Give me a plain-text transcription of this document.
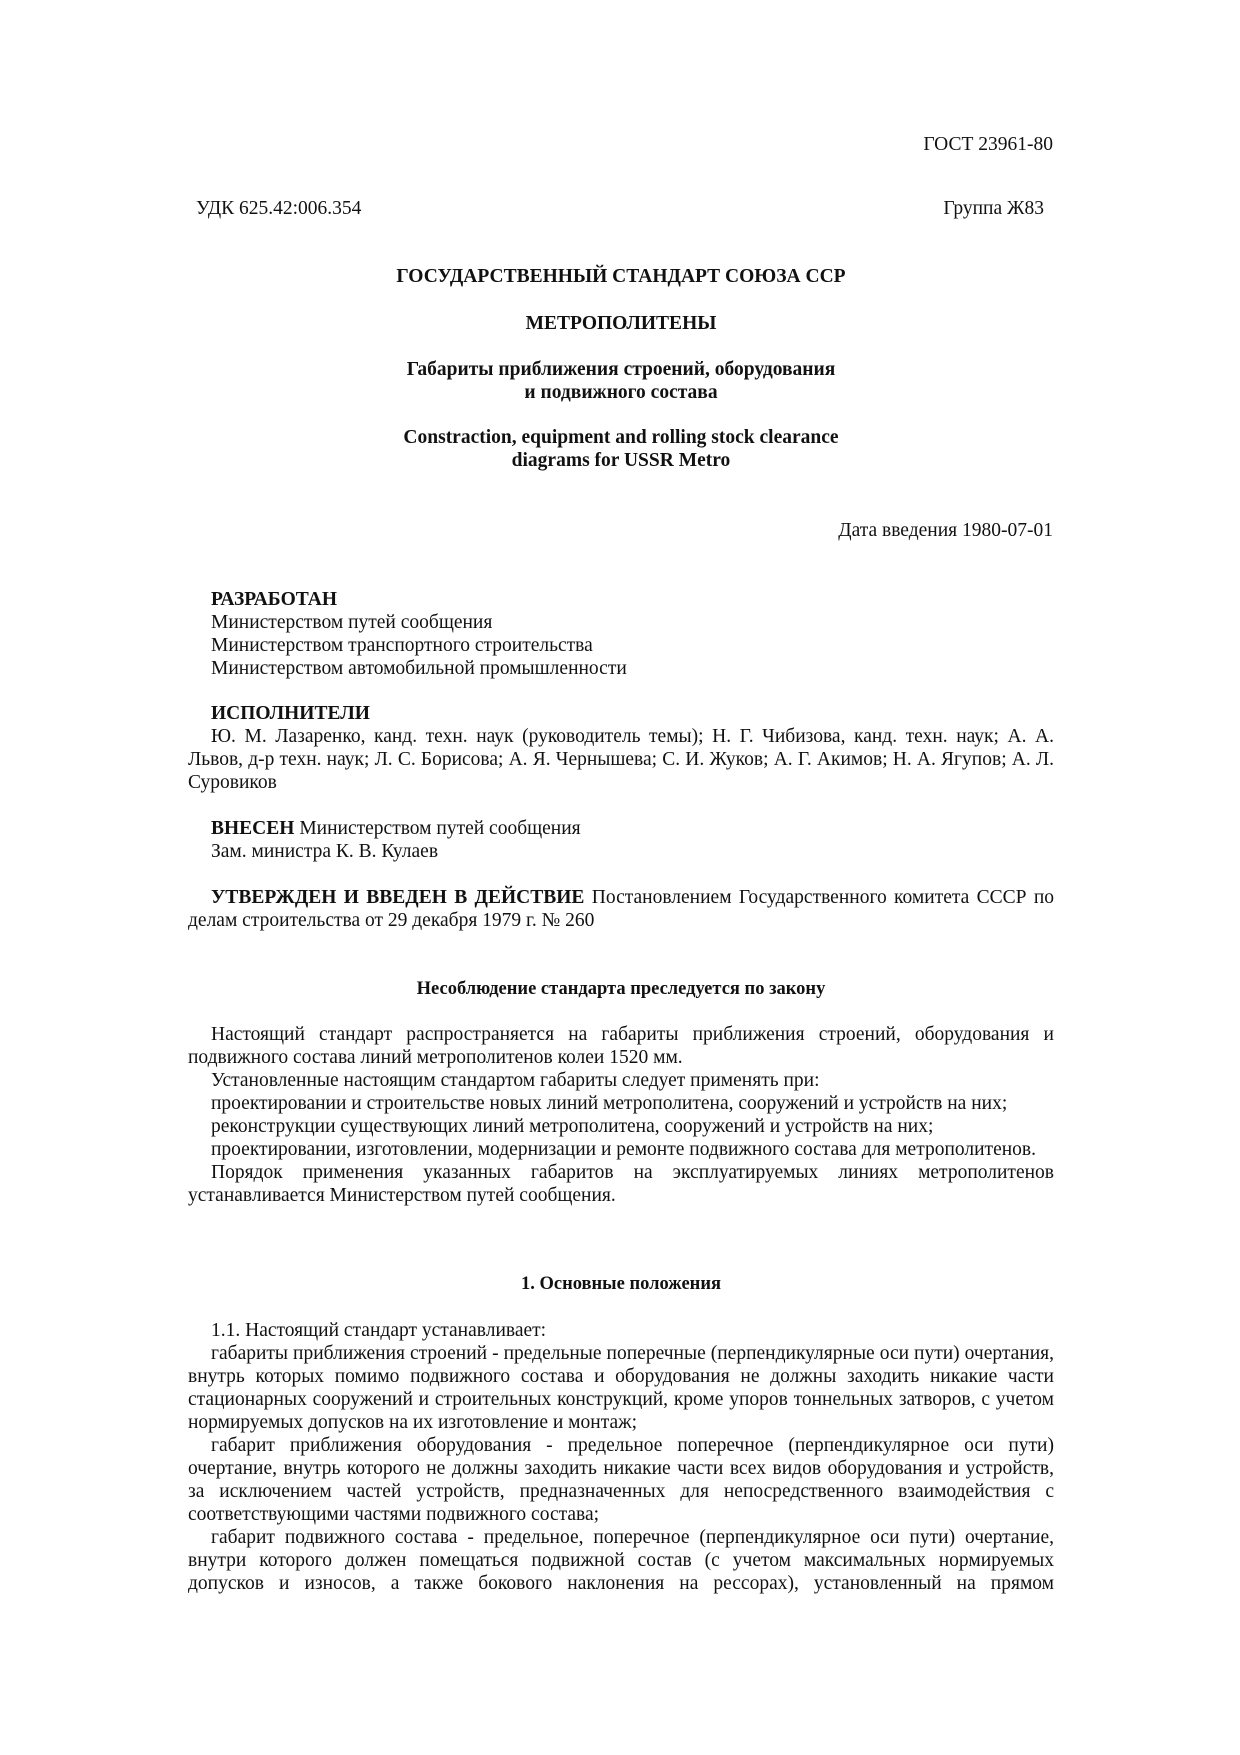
ГОСТ 23961-80
УДК 625.42:006.354	Группа Ж83
ГОСУДАРСТВЕННЫЙ СТАНДАРТ СОЮЗА ССР
МЕТРОПОЛИТЕНЫ
Габариты приближения строений, оборудования
и подвижного состава
Constraction, equipment and rolling stock clearance
diagrams for USSR Metro
Дата введения 1980-07-01
РАЗРАБОТАН
Министерством путей сообщения
Министерством транспортного строительства
Министерством автомобильной промышленности
ИСПОЛНИТЕЛИ

Ю. М. Лазаренко, канд. техн. наук (руководитель темы); Н. Г. Чибизова, канд. техн. наук; А. А. Львов, д-р техн. наук; Л. С. Борисова; А. Я. Чернышева; С. И. Жуков; А. Г. Акимов; Н. А. Ягупов; А. Л. Суровиков

ВНЕСЕН Министерством путей сообщения
Зам. министра К. В. Кулаев

УТВЕРЖДЕН И ВВЕДЕН В ДЕЙСТВИЕ Постановлением Государственного комитета СССР по делам строительства от 29 декабря 1979 г. № 260

Несоблюдение стандарта преследуется по закону

Настоящий стандарт распространяется на габариты приближения строений, оборудования и подвижного состава линий метрополитенов колеи 1520 мм.

Установленные настоящим стандартом габариты следует применять при:

проектировании и строительстве новых линий метрополитена, сооружений и устройств на них;

реконструкции существующих линий метрополитена, сооружений и устройств на них;

проектировании, изготовлении, модернизации и ремонте подвижного состава для метрополитенов.

Порядок применения указанных габаритов на эксплуатируемых линиях метрополитенов устанавливается Министерством путей сообщения.

1. Основные положения

1.1. Настоящий стандарт устанавливает:

габариты приближения строений - предельные поперечные (перпендикулярные оси пути) очертания, внутрь которых помимо подвижного состава и оборудования не должны заходить никакие части стационарных сооружений и строительных конструкций, кроме упоров тоннельных затворов, с учетом нормируемых допусков на их изготовление и монтаж;

габарит приближения оборудования - предельное поперечное (перпендикулярное оси пути) очертание, внутрь которого не должны заходить никакие части всех видов оборудования и устройств, за исключением частей устройств, предназначенных для непосредственного взаимодействия с соответствующими частями подвижного состава;

габарит подвижного состава - предельное, поперечное (перпендикулярное оси пути) очертание, внутри которого должен помещаться подвижной состав (с учетом максимальных нормируемых допусков и износов, а также бокового наклонения на рессорах), установленный на прямом
